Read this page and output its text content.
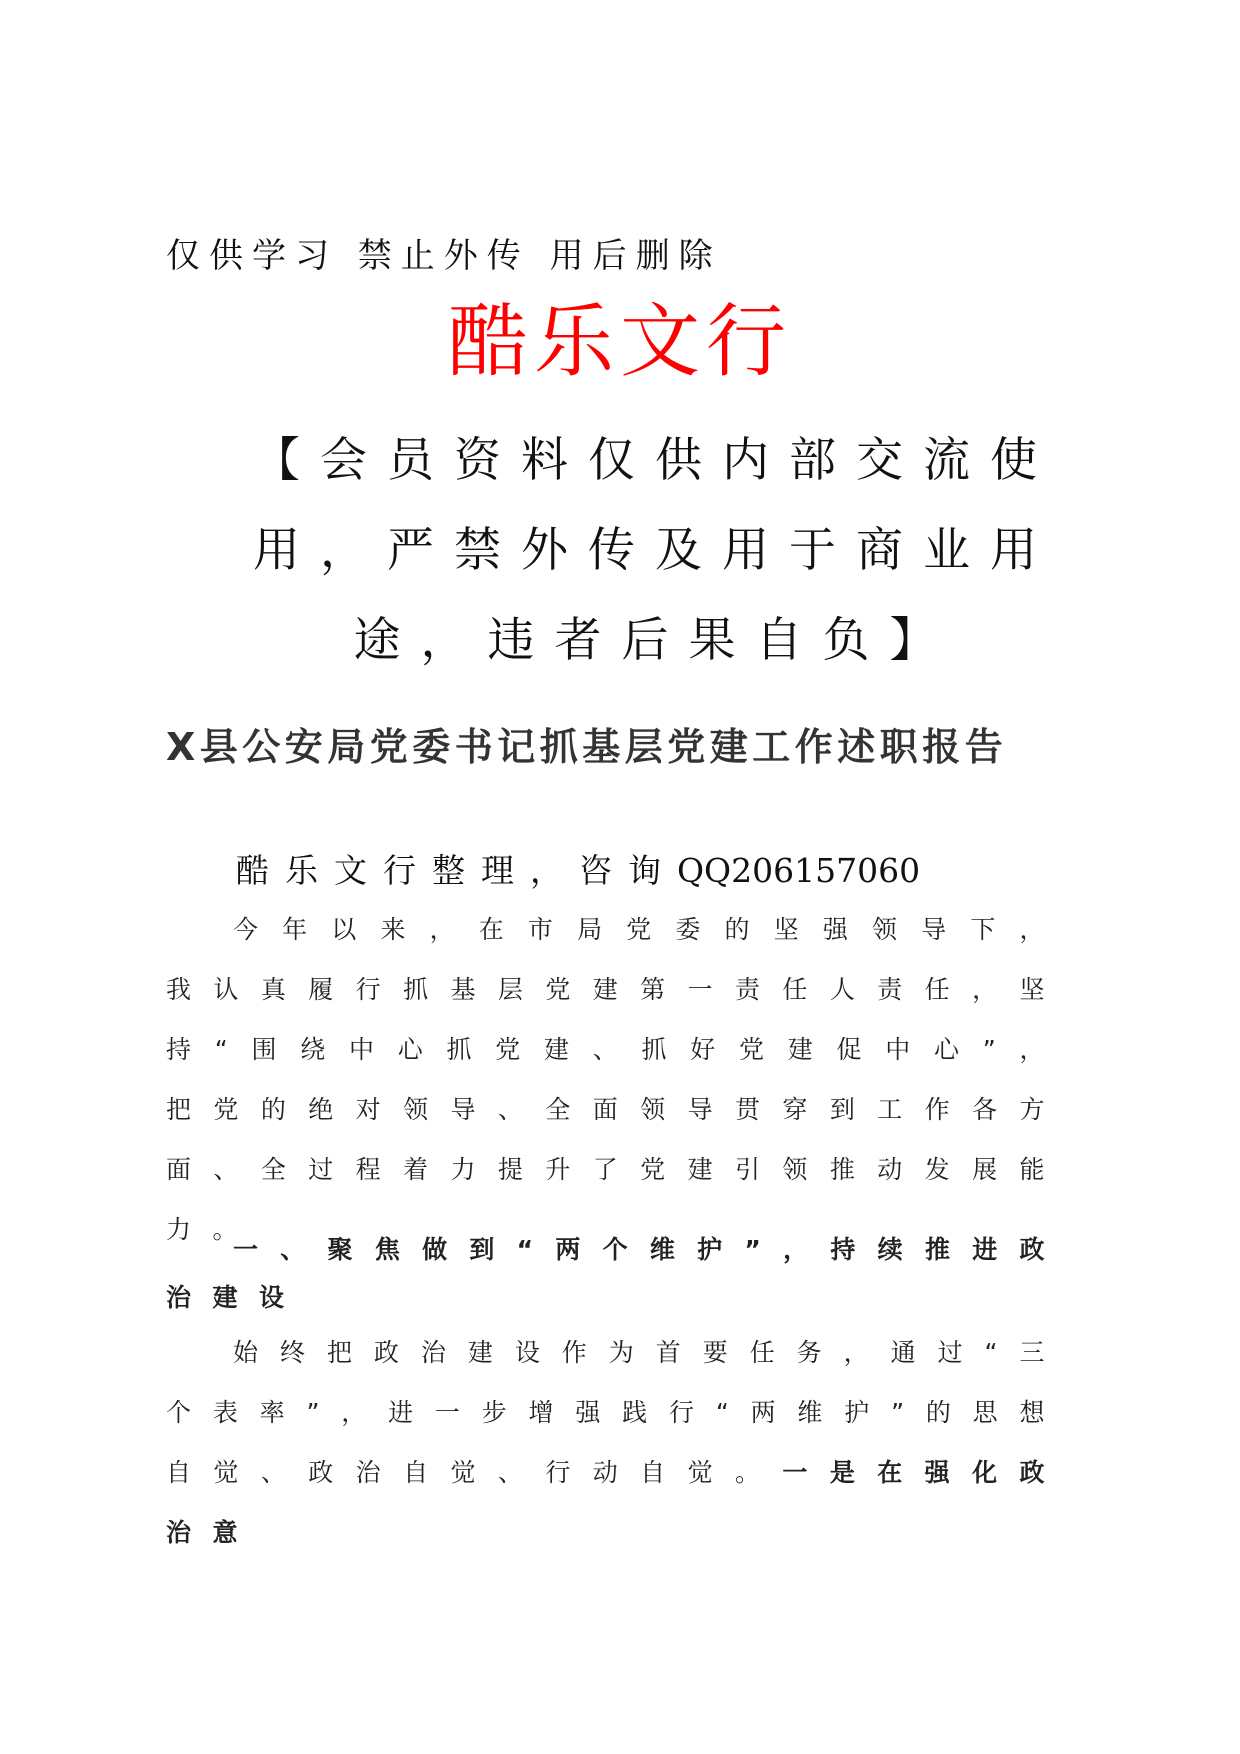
仅供学习 禁止外传 用后删除
酷乐文行
【会员资料仅供内部交流使用，严禁外传及用于商业用途，违者后果自负】
X县公安局党委书记抓基层党建工作述职报告
酷乐文行整理，咨询QQ206157060

今年以来，在市局党委的坚强领导下，我认真履行抓基层党建第一责任人责任，坚持“围绕中心抓党建、抓好党建促中心”，把党的绝对领导、全面领导贯穿到工作各方面、全过程着力提升了党建引领推动发展能力。

一、聚焦做到“两个维护”，持续推进政治建设

始终把政治建设作为首要任务，通过“三个表率”，进一步增强践行“两维护”的思想自觉、政治自觉、行动自觉。一是在强化政治意
